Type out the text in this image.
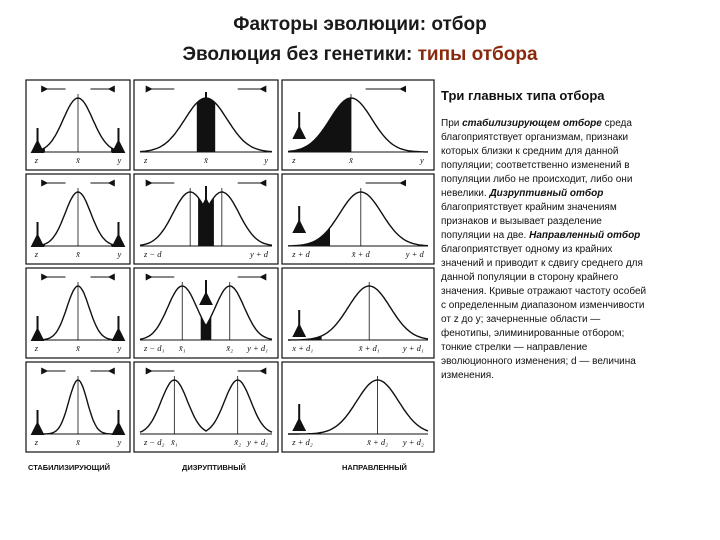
Факторы эволюции: отбор
Эволюция без генетики: типы отбора
z	x̄	y
z	x̄	y
z	x̄	y
z	x̄	y
z	x̄	y
z − d	y + d
z − d₁ x̄₁	x̄₂ y + d₁
z − d₂ x̄₁	x̄₂ y + d₂
z	x̄	y
z + d	x̄ + d	y + d
x + d₁	x̄ + d₁	y + d₁
z + d₂	x̄ + d₂ y + d₂
СТАБИЛИЗИРУЮЩИЙ	ДИЗРУПТИВНЫЙ	НАПРАВЛЕННЫЙ
Три главных типа отбора
При стабилизирующем отборе среда благоприятствует организмам, признаки которых близки к средним для данной популяции; соответственно изменений в популяции либо не происходит, либо они невелики. Дизруптивный отбор благоприятствует крайним значениям признаков и вызывает разделение популяции на две. Направленный отбор благоприятствует одному из крайних значений и приводит к сдвигу среднего для данной популяции в сторону крайнего значения. Кривые отражают частоту особей с определенным диапазоном изменчивости от z до y; зачерненные области — фенотипы, элиминированные отбором; тонкие стрелки — направление эволюционного изменения; d — величина изменения.
